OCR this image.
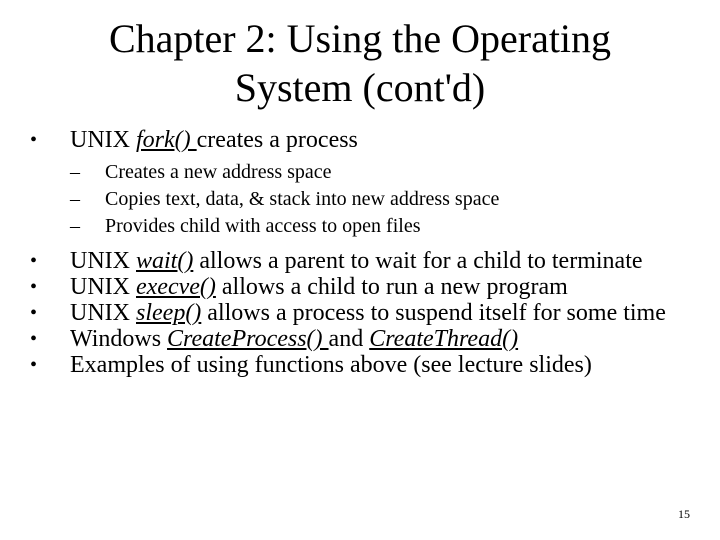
Chapter 2: Using the Operating
System (cont'd)
•	UNIX fork() creates a process
– Creates a new address space
– Copies text, data, & stack into new address space
– Provides child with access to open files
•	UNIX wait() allows a parent to wait for a child to terminate
•	UNIX execve() allows a child to run a new program
•	UNIX sleep() allows a process to suspend itself for some time
•	Windows CreateProcess() and CreateThread()
•	Examples of using functions above (see lecture slides)
15
